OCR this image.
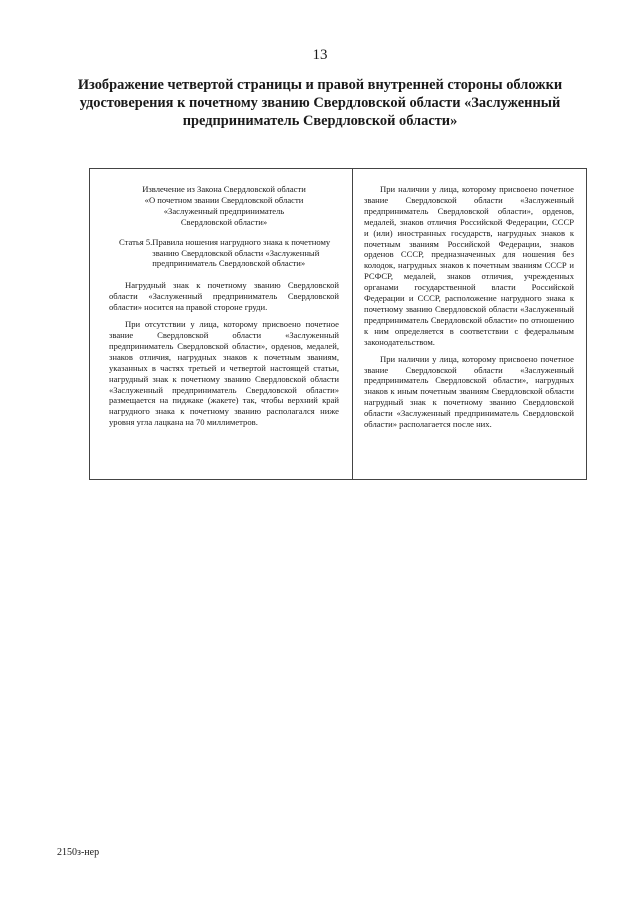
13
Изображение четвертой страницы и правой внутренней стороны обложки удостоверения к почетному званию Свердловской области «Заслуженный предприниматель Свердловской области»
Извлечение из Закона Свердловской области
«О почетном звании Свердловской области
«Заслуженный предприниматель
Свердловской области»
Статья 5. Правила ношения нагрудного знака к почетному званию Свердловской области «Заслуженный предприниматель Свердловской области»

Нагрудный знак к почетному званию Свердловской области «Заслуженный предприниматель Свердловской области» носится на правой стороне груди.

При отсутствии у лица, которому присвоено почетное звание Свердловской области «Заслуженный предприниматель Свердловской области», орденов, медалей, знаков отличия, нагрудных знаков к почетным званиям, указанных в частях третьей и четвертой настоящей статьи, нагрудный знак к почетному званию Свердловской области «Заслуженный предприниматель Свердловской области» размещается на пиджаке (жакете) так, чтобы верхний край нагрудного знака к почетному званию располагался ниже уровня угла лацкана на 70 миллиметров.

При наличии у лица, которому присвоено почетное звание Свердловской области «Заслуженный предприниматель Свердловской области», орденов, медалей, знаков отличия Российской Федерации, СССР и (или) иностранных государств, нагрудных знаков к почетным званиям Российской Федерации, знаков орденов СССР, предназначенных для ношения без колодок, нагрудных знаков к почетным званиям СССР и РСФСР, медалей, знаков отличия, учрежденных органами государственной власти Российской Федерации и СССР, расположение нагрудного знака к почетному званию Свердловской области «Заслуженный предприниматель Свердловской области» по отношению к ним определяется в соответствии с федеральным законодательством.

При наличии у лица, которому присвоено почетное звание Свердловской области «Заслуженный предприниматель Свердловской области», нагрудных знаков к иным почетным званиям Свердловской области нагрудный знак к почетному званию Свердловской области «Заслуженный предприниматель Свердловской области» располагается после них.

2150з-нер
